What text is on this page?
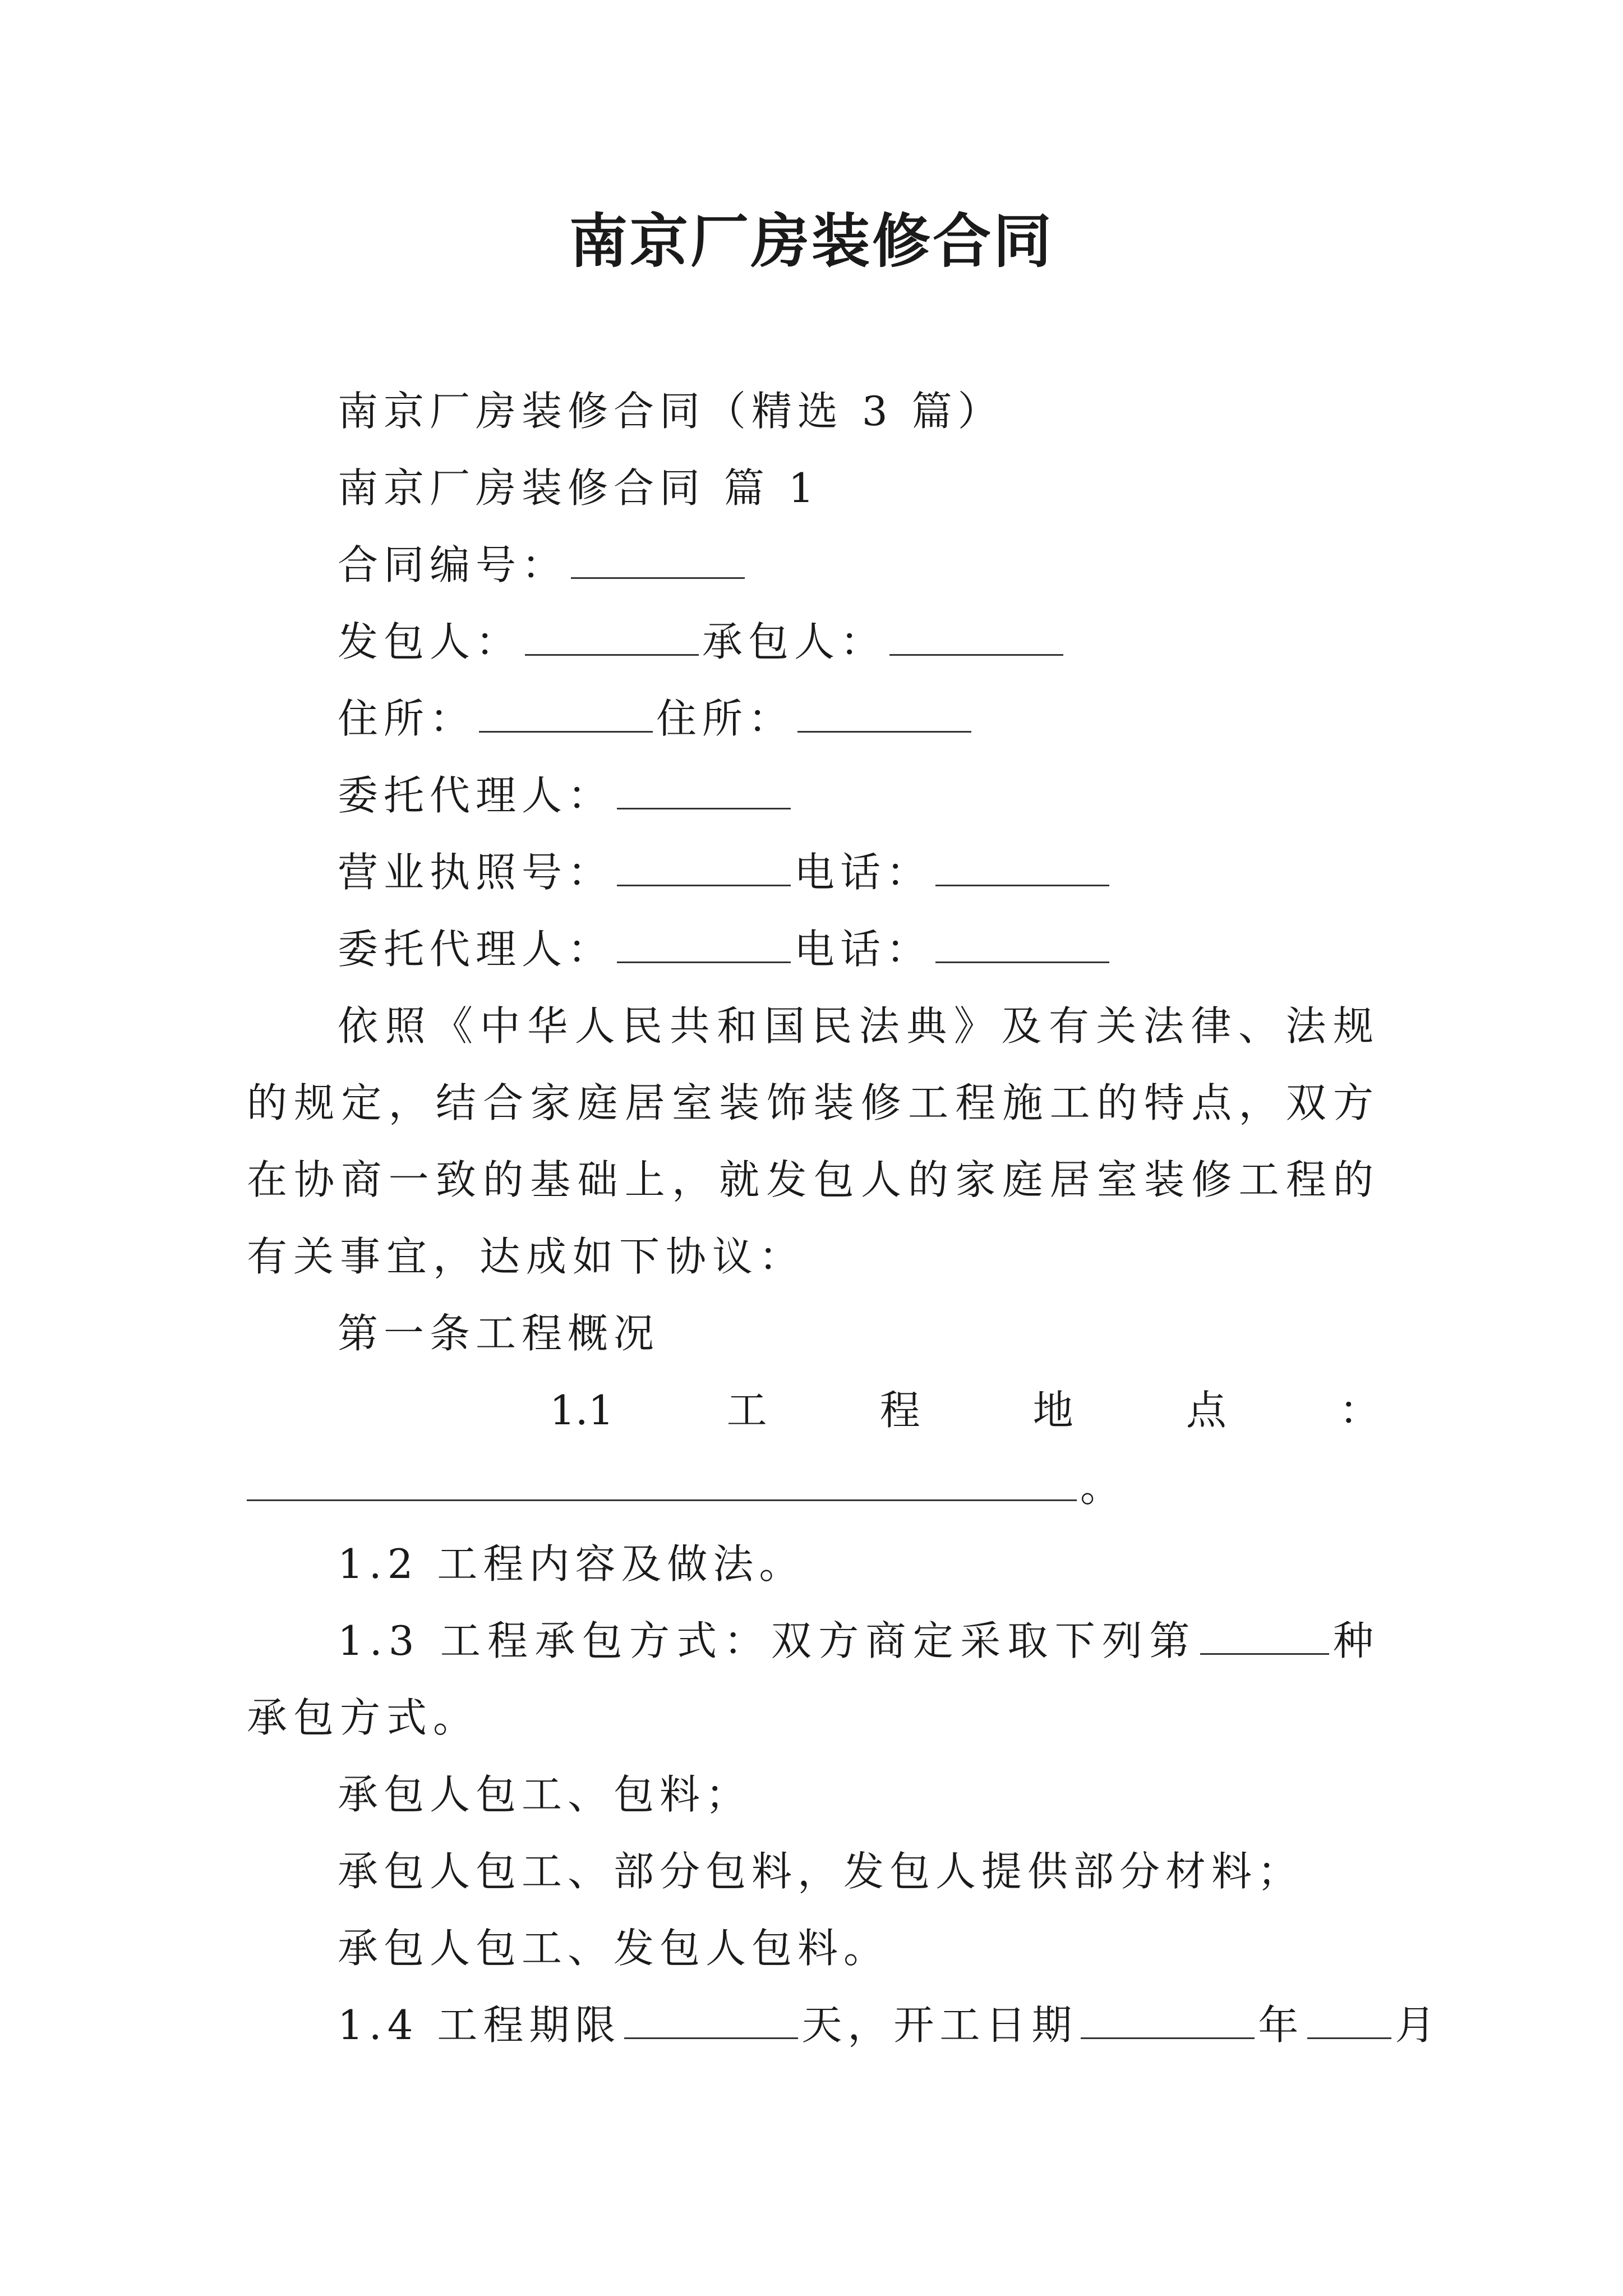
南京厂房装修合同

南京厂房装修合同（精选 3 篇）

南京厂房装修合同 篇 1

合同编号：

发包人：	承包人：

住所：	住所：

委托代理人：

营业执照号：	电话：

委托代理人：	电话：

依照《中华人民共和国民法典》及有关法律、法规的规定，结合家庭居室装饰装修工程施工的特点，双方在协商一致的基础上，就发包人的家庭居室装修工程的有关事宜，达成如下协议：

第一条工程概况

1.1	工	程	地	点	：

。

1.2 工程内容及做法。

1.3 工程承包方式：双方商定采取下列第	种承包方式。

承包人包工、包料；

承包人包工、部分包料，发包人提供部分材料；

承包人包工、发包人包料。

1.4 工程期限	天，开工日期	年 月
